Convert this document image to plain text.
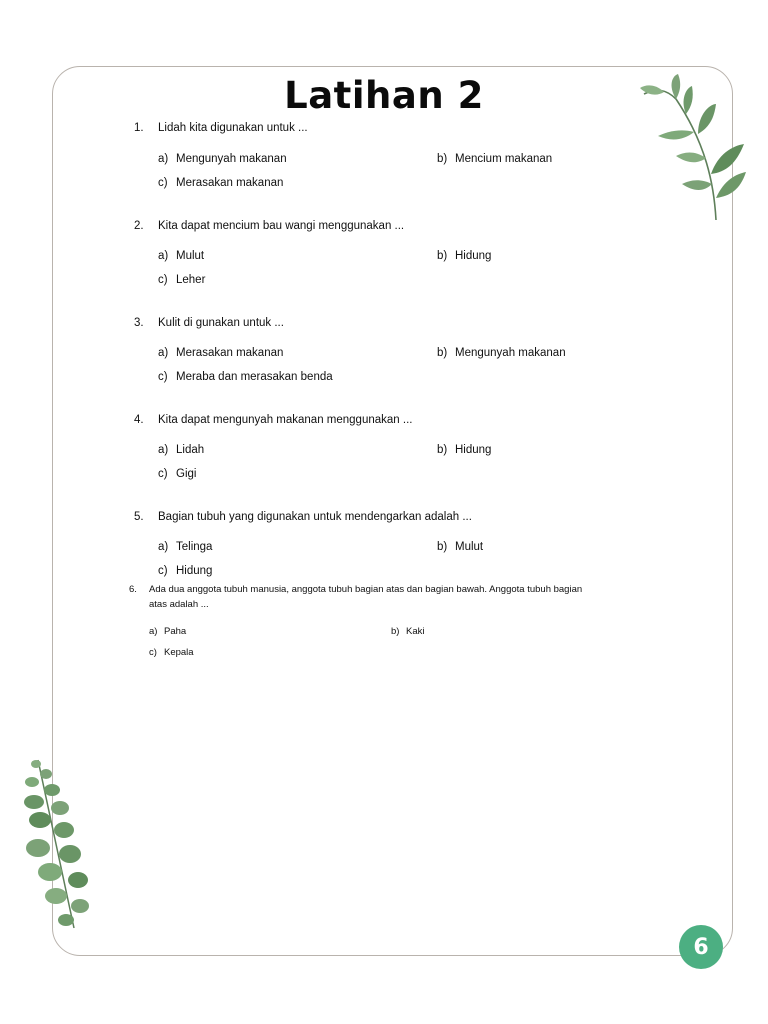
Latihan 2
1. Lidah kita digunakan untuk ...
a) Mengunyah makanan	b) Mencium makanan
c) Merasakan makanan
2. Kita dapat mencium bau wangi menggunakan ...
a) Mulut	b) Hidung
c) Leher
3. Kulit di gunakan untuk ...
a) Merasakan makanan	b) Mengunyah makanan
c) Meraba dan merasakan benda
4. Kita dapat mengunyah makanan menggunakan ...
a) Lidah	b) Hidung
c) Gigi
5. Bagian tubuh yang digunakan untuk mendengarkan adalah ...
a) Telinga	b) Mulut
c) Hidung
6. Ada dua anggota tubuh manusia, anggota tubuh bagian atas dan bagian bawah. Anggota tubuh bagian
atas adalah ...
a) Paha	b) Kaki
c) Kepala
6
